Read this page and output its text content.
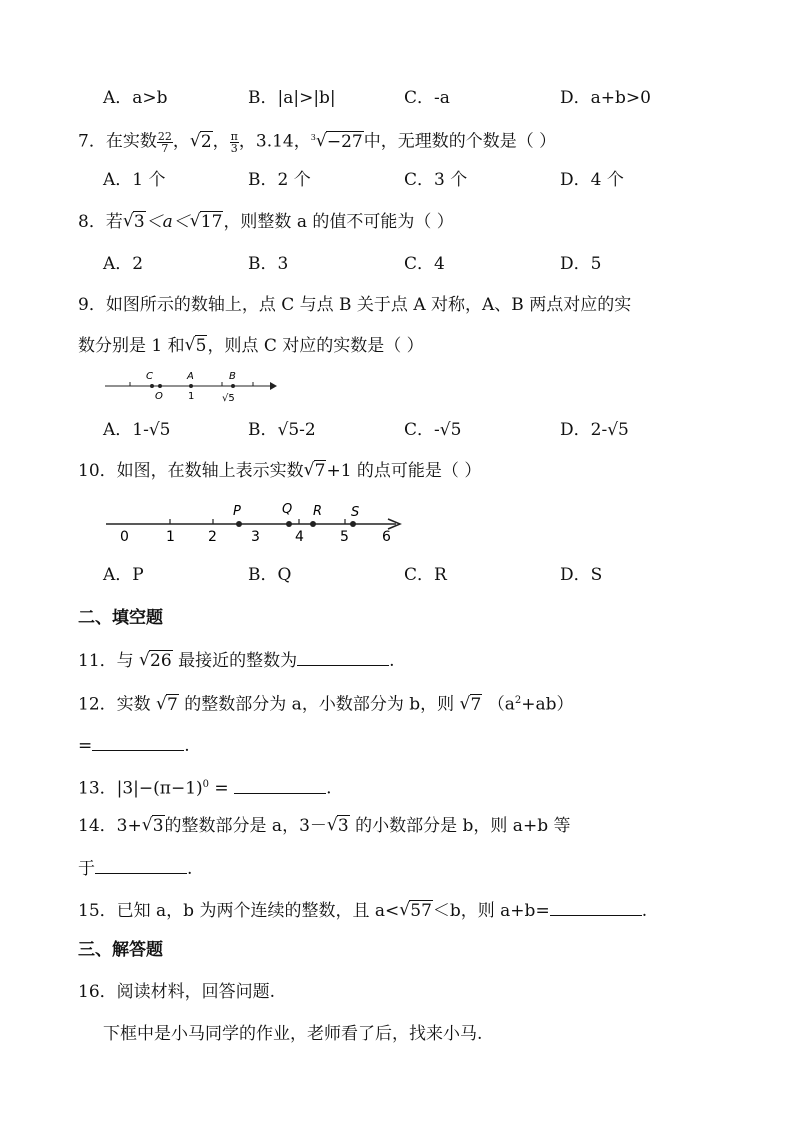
A．a>b	B．|a|>|b|	C．-a	D．a+b>0
7．在实数 $\frac{22}{7}$ ， √ 2， $\frac{\pi}{3}$ ，3.14，$^3$ √ −27中，无理数的个数是（ ）
A．1 个	B．2 个	C．3 个	D．4 个
8．若 √ 3＜a＜ √ 17，则整数 a 的值不可能为（ ）
A．2	B．3	C．4	D．5
9．如图所示的数轴上，点 C 与点 B 关于点 A 对称，A、B 两点对应的实
数分别是 1 和 √ 5，则点 C 对应的实数是（ ）
C
O
A
1
B
√5
A．1-√5	B．√5-2	C．-√5	D．2-√5
10．如图，在数轴上表示实数 √ 7+1 的点可能是（ ）
P	Q R S
0	1 2 3	4	5 6
A．P	B．Q	C．R	D．S
二、填空题
11．与 √ 26 最接近的整数为	.
12．实数 √ 7 的整数部分为 a，小数部分为 b，则 √ 7 $(a^2+ab)$
=	.
13．$|3|-(\pi-1)^0$ =	.
14．3+ √ 3的整数部分是 a，3－ √ 3 的小数部分是 b，则 a+b 等
于	.
15．已知 a，b 为两个连续的整数，且 a< √ 57＜b，则 a+b=	.
三、解答题
16．阅读材料，回答问题.
下框中是小马同学的作业，老师看了后，找来小马.
